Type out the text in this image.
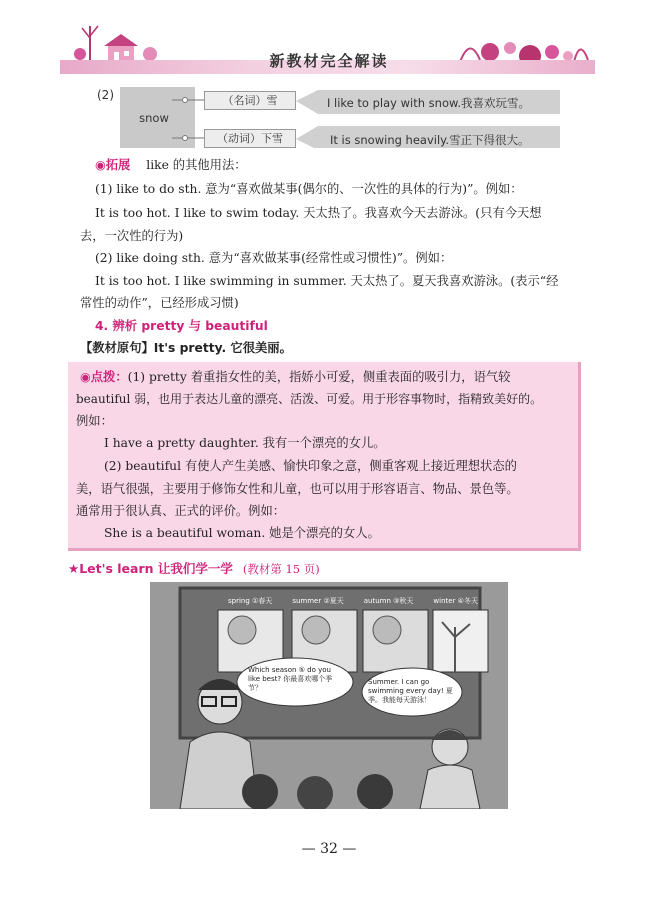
新教材完全解读
(2)
snow
（名词）雪
（动词）下雪
I like to play with snow.我喜欢玩雪。
It is snowing heavily.雪正下得很大。
◉拓展 like 的其他用法：
(1) like to do sth. 意为“喜欢做某事(偶尔的、一次性的具体的行为)”。例如：
It is too hot. I like to swim today. 天太热了。我喜欢今天去游泳。(只有今天想
去，一次性的行为)
(2) like doing sth. 意为“喜欢做某事(经常性或习惯性)”。例如：
It is too hot. I like swimming in summer. 天太热了。夏天我喜欢游泳。(表示“经
常性的动作”，已经形成习惯)
4. 辨析 pretty 与 beautiful
【教材原句】It's pretty. 它很美丽。
◉点拨：(1) pretty 着重指女性的美，指娇小可爱，侧重表面的吸引力，语气较
beautiful 弱，也用于表达儿童的漂亮、活泼、可爱。用于形容事物时，指精致美好的。
例如：
I have a pretty daughter. 我有一个漂亮的女儿。
(2) beautiful 有使人产生美感、愉快印象之意，侧重客观上接近理想状态的
美，语气很强，主要用于修饰女性和儿童，也可以用于形容语言、物品、景色等。
通常用于很认真、正式的评价。例如：
She is a beautiful woman. 她是个漂亮的女人。
★Let's learn 让我们学一学 (教材第 15 页)
spring ①春天	summer ②夏天	autumn ③秋天	winter ④冬天
Which season ⑤ do you like best? 你最喜欢哪个季节？
Summer. I can go swimming every day! 夏季。我能每天游泳！
— 32 —
